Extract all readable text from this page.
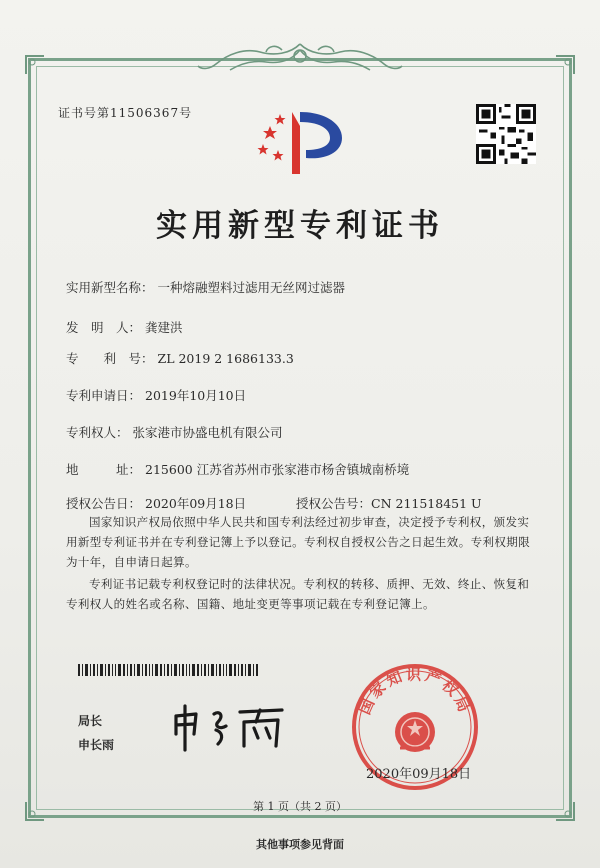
证书号第11506367号
实用新型专利证书
实用新型名称： 一种熔融塑料过滤用无丝网过滤器
发　明　人： 龚建洪
专　　利　号： ZL 2019 2 1686133.3
专利申请日： 2019年10月10日
专利权人： 张家港市协盛电机有限公司
地　　　址： 215600 江苏省苏州市张家港市杨舍镇城南桥境
授权公告日： 2020年09月18日	授权公告号：CN 211518451 U

国家知识产权局依照中华人民共和国专利法经过初步审查，决定授予专利权，颁发实用新型专利证书并在专利登记簿上予以登记。专利权自授权公告之日起生效。专利权期限为十年，自申请日起算。

专利证书记载专利权登记时的法律状况。专利权的转移、质押、无效、终止、恢复和专利权人的姓名或名称、国籍、地址变更等事项记载在专利登记簿上。

局长
申长雨
国家知识产权局
2020年09月18日
第 1 页（共 2 页）
其他事项参见背面
